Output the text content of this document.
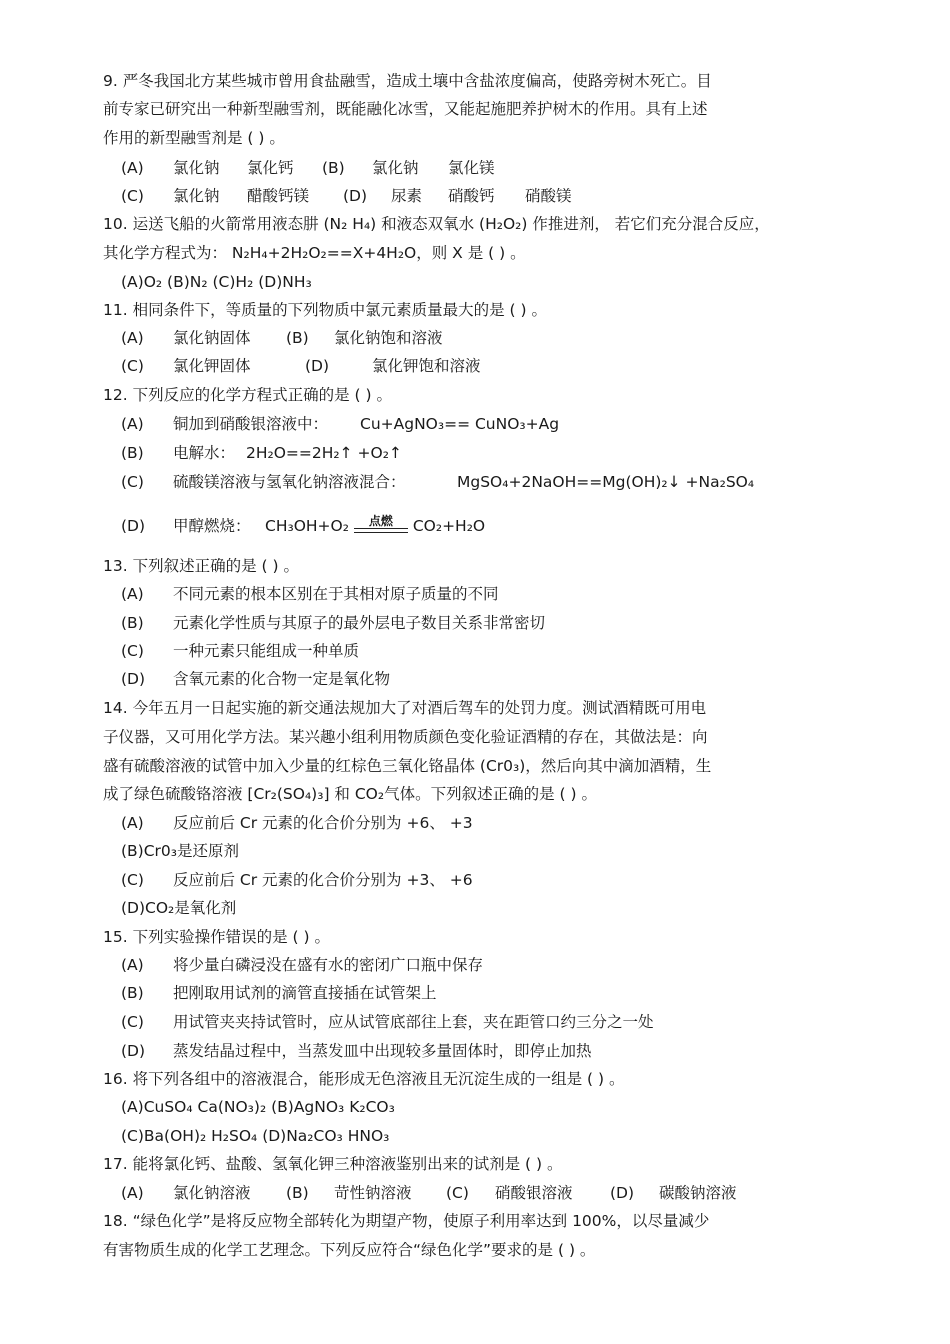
9. 严冬我国北方某些城市曾用食盐融雪，造成土壤中含盐浓度偏高，使路旁树木死亡。目
前专家已研究出一种新型融雪剂，既能融化冰雪，又能起施肥养护树木的作用。具有上述
作用的新型融雪剂是 ( ) 。
(A) 氯化钠 氯化钙 (B) 氯化钠 氯化镁
(C) 氯化钠 醋酸钙镁 (D) 尿素 硝酸钙 硝酸镁
10. 运送飞船的火箭常用液态肼 (N₂ H₄) 和液态双氧水 (H₂O₂) 作推进剂， 若它们充分混合反应，
其化学方程式为： N₂H₄+2H₂O₂==X+4H₂O，则 X 是 ( ) 。
(A)O₂ (B)N₂ (C)H₂ (D)NH₃
11. 相同条件下，等质量的下列物质中氯元素质量最大的是 ( ) 。
(A) 氯化钠固体 (B) 氯化钠饱和溶液
(C) 氯化钾固体	(D)	氯化钾饱和溶液
12. 下列反应的化学方程式正确的是 ( ) 。
(A) 铜加到硝酸银溶液中： Cu+AgNO₃== CuNO₃+Ag
(B) 电解水： 2H₂O==2H₂↑ +O₂↑
(C) 硫酸镁溶液与氢氧化钠溶液混合：	MgSO₄+2NaOH==Mg(OH)₂↓ +Na₂SO₄
(D) 甲醇燃烧： CH₃OH+O₂	点燃	CO₂+H₂O
13. 下列叙述正确的是 ( ) 。
(A) 不同元素的根本区别在于其相对原子质量的不同
(B) 元素化学性质与其原子的最外层电子数目关系非常密切
(C) 一种元素只能组成一种单质
(D) 含氧元素的化合物一定是氧化物
14. 今年五月一日起实施的新交通法规加大了对酒后驾车的处罚力度。测试酒精既可用电
子仪器，又可用化学方法。某兴趣小组利用物质颜色变化验证酒精的存在，其做法是：向
盛有硫酸溶液的试管中加入少量的红棕色三氧化铬晶体 (Cr0₃)，然后向其中滴加酒精，生
成了绿色硫酸铬溶液 [Cr₂(SO₄)₃] 和 CO₂气体。下列叙述正确的是 ( ) 。
(A) 反应前后 Cr 元素的化合价分别为 +6、 +3
(B)Cr0₃是还原剂
(C) 反应前后 Cr 元素的化合价分别为 +3、 +6
(D)CO₂是氧化剂
15. 下列实验操作错误的是 ( ) 。
(A) 将少量白磷浸没在盛有水的密闭广口瓶中保存
(B) 把刚取用试剂的滴管直接插在试管架上
(C) 用试管夹夹持试管时，应从试管底部往上套，夹在距管口约三分之一处
(D) 蒸发结晶过程中，当蒸发皿中出现较多量固体时，即停止加热
16. 将下列各组中的溶液混合，能形成无色溶液且无沉淀生成的一组是 ( ) 。
(A)CuSO₄ Ca(NO₃)₂ (B)AgNO₃ K₂CO₃
(C)Ba(OH)₂ H₂SO₄ (D)Na₂CO₃ HNO₃
17. 能将氯化钙、盐酸、氢氧化钾三种溶液鉴别出来的试剂是 ( ) 。
(A) 氯化钠溶液 (B) 苛性钠溶液 (C) 硝酸银溶液 (D) 碳酸钠溶液
18. “绿色化学”是将反应物全部转化为期望产物，使原子利用率达到 100%，以尽量减少
有害物质生成的化学工艺理念。下列反应符合“绿色化学”要求的是 ( ) 。
